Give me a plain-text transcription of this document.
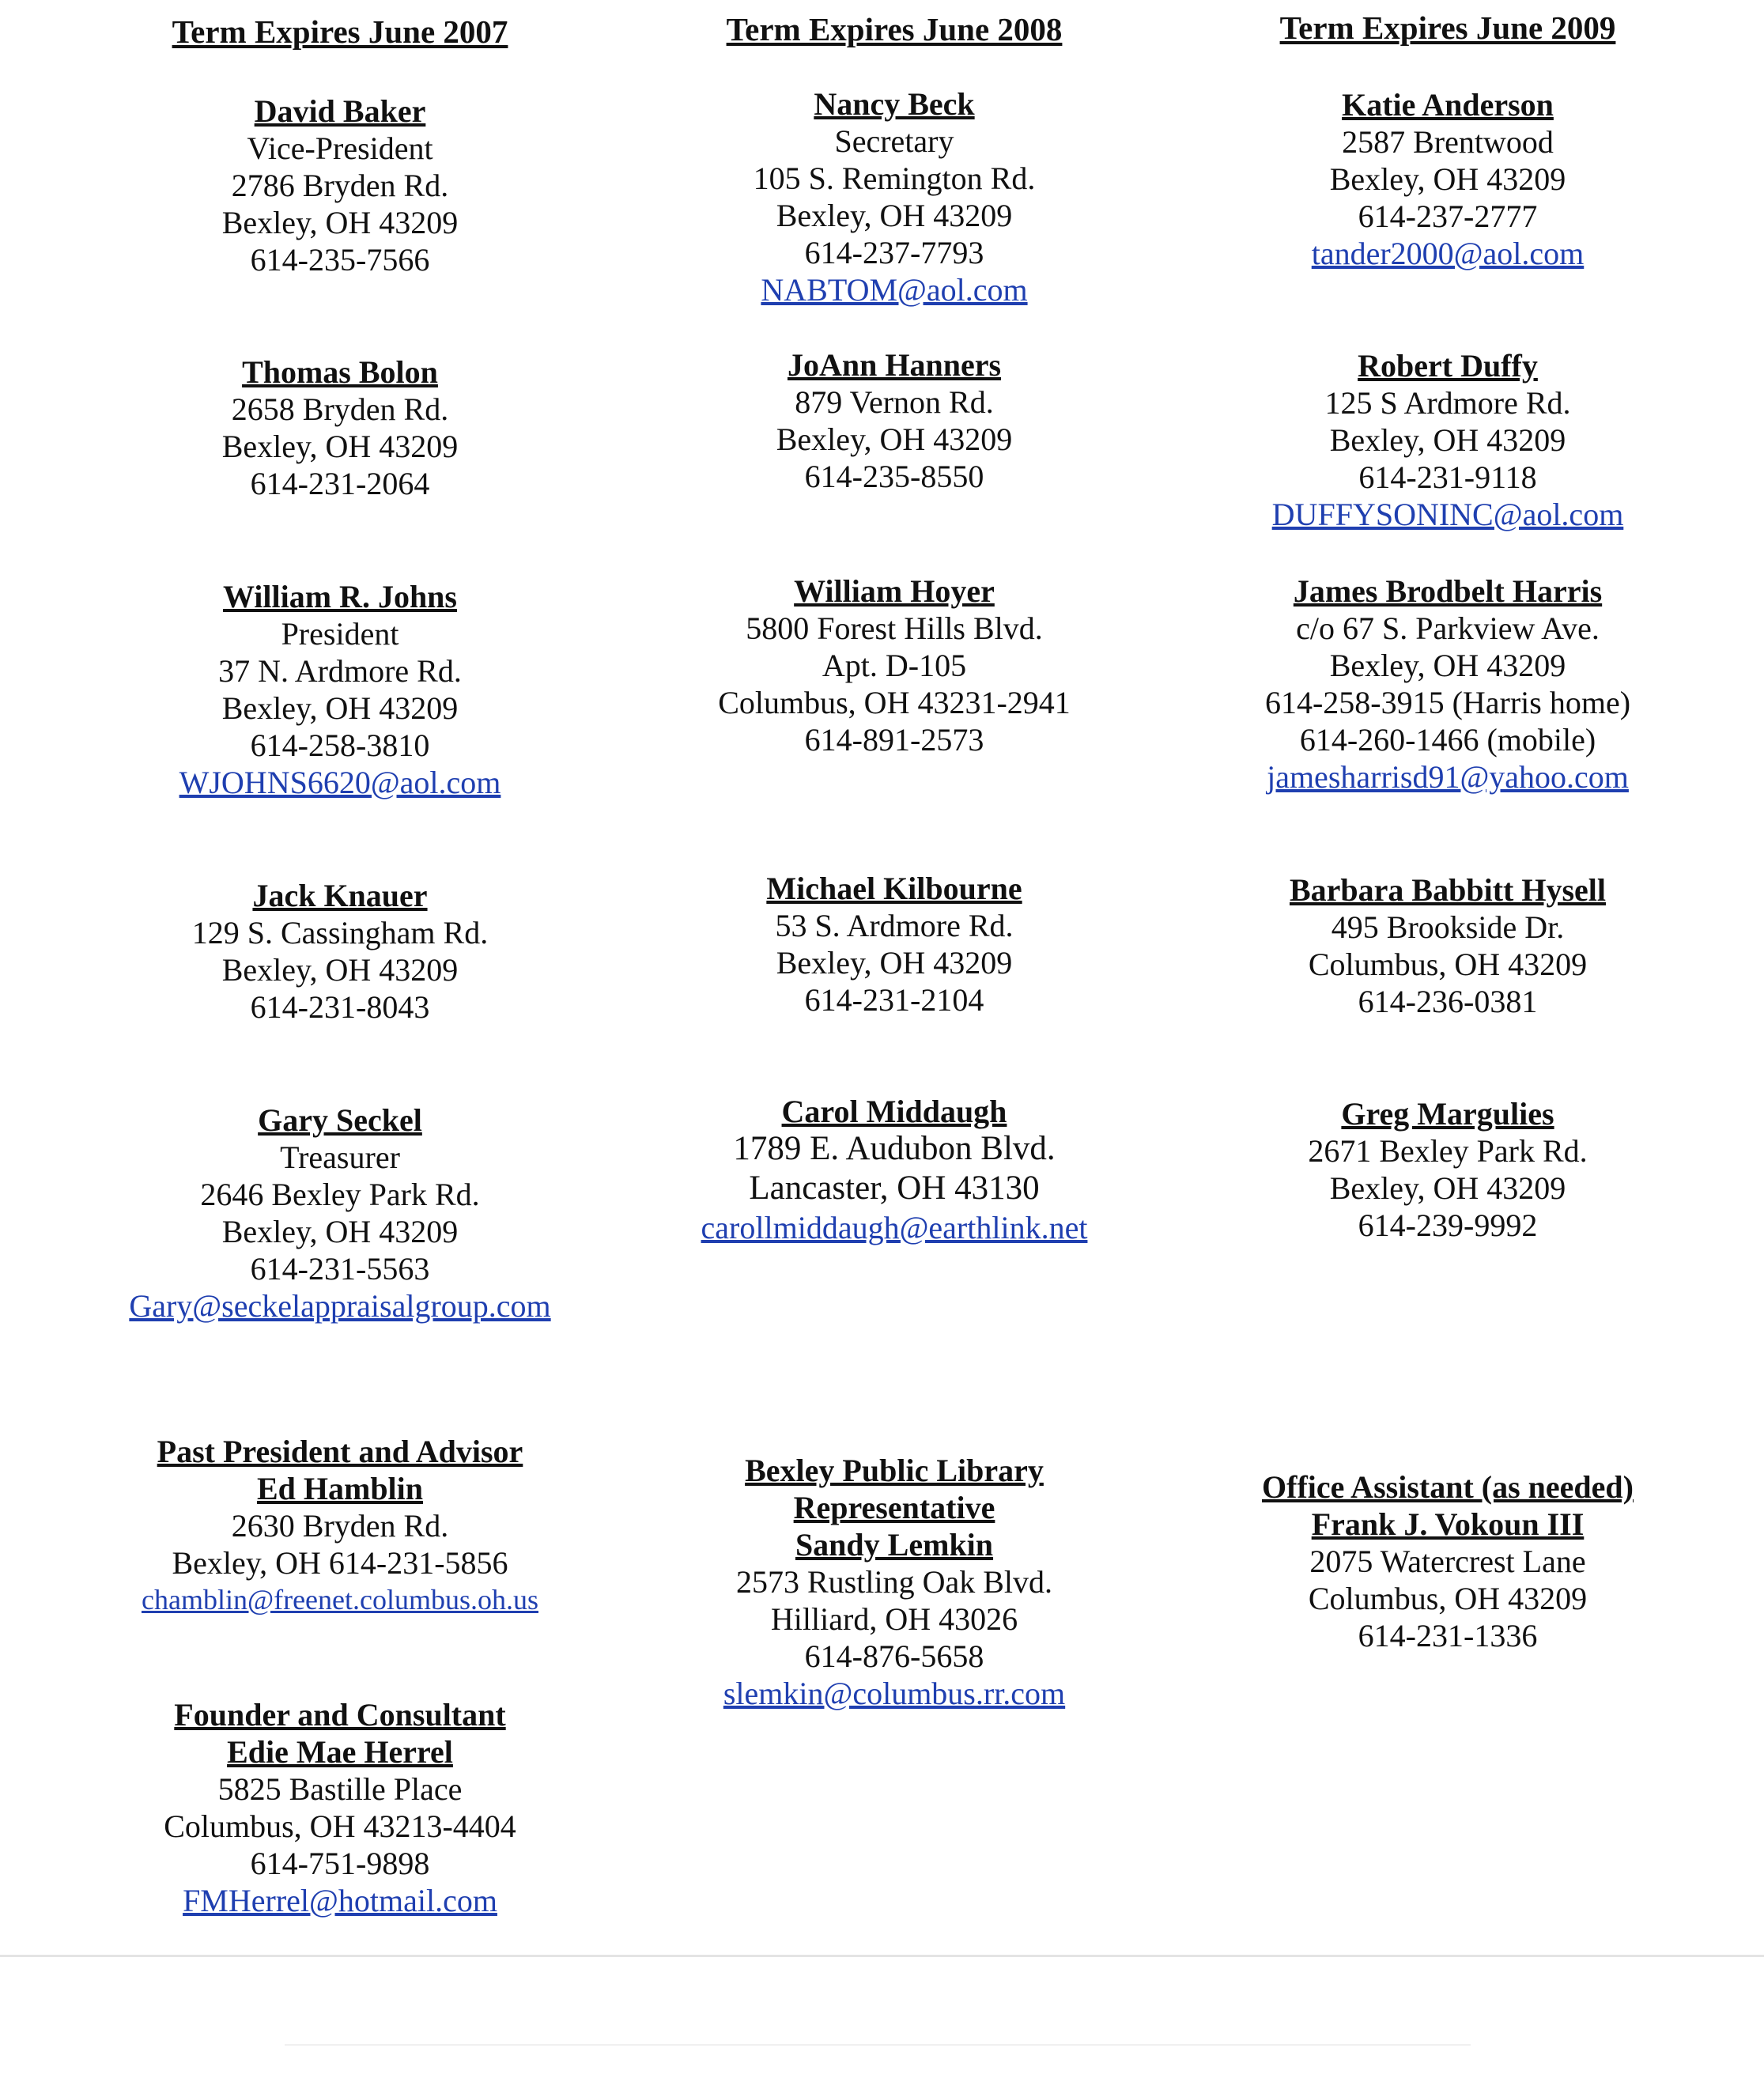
Term Expires June 2007	Term Expires June 2008	Term Expires June 2009
David Baker
Vice-President
2786 Bryden Rd.
Bexley, OH 43209
614-235-7566
Thomas Bolon
2658 Bryden Rd.
Bexley, OH 43209
614-231-2064
William R. Johns
President
37 N. Ardmore Rd.
Bexley, OH 43209
614-258-3810
WJOHNS6620@aol.com
Jack Knauer
129 S. Cassingham Rd.
Bexley, OH 43209
614-231-8043
Gary Seckel
Treasurer
2646 Bexley Park Rd.
Bexley, OH 43209
614-231-5563
Gary@seckelappraisalgroup.com
Past President and Advisor
Ed Hamblin
2630 Bryden Rd.
Bexley, OH 614-231-5856
chamblin@freenet.columbus.oh.us
Founder and Consultant
Edie Mae Herrel
5825 Bastille Place
Columbus, OH 43213-4404
614-751-9898
FMHerrel@hotmail.com
Nancy Beck
Secretary
105 S. Remington Rd.
Bexley, OH 43209
614-237-7793
NABTOM@aol.com
JoAnn Hanners
879 Vernon Rd.
Bexley, OH 43209
614-235-8550
William Hoyer
5800 Forest Hills Blvd.
Apt. D-105
Columbus, OH 43231-2941
614-891-2573
Michael Kilbourne
53 S. Ardmore Rd.
Bexley, OH 43209
614-231-2104
Carol Middaugh
1789 E. Audubon Blvd.
Lancaster, OH 43130
carollmiddaugh@earthlink.net
Bexley Public Library
Representative
Sandy Lemkin
2573 Rustling Oak Blvd.
Hilliard, OH 43026
614-876-5658
slemkin@columbus.rr.com
Katie Anderson
2587 Brentwood
Bexley, OH 43209
614-237-2777
tander2000@aol.com
Robert Duffy
125 S Ardmore Rd.
Bexley, OH 43209
614-231-9118
DUFFYSONINC@aol.com
James Brodbelt Harris
c/o 67 S. Parkview Ave.
Bexley, OH 43209
614-258-3915 (Harris home)
614-260-1466 (mobile)
jamesharrisd91@yahoo.com
Barbara Babbitt Hysell
495 Brookside Dr.
Columbus, OH 43209
614-236-0381
Greg Margulies
2671 Bexley Park Rd.
Bexley, OH 43209
614-239-9992
Office Assistant (as needed)
Frank J. Vokoun III
2075 Watercrest Lane
Columbus, OH 43209
614-231-1336
